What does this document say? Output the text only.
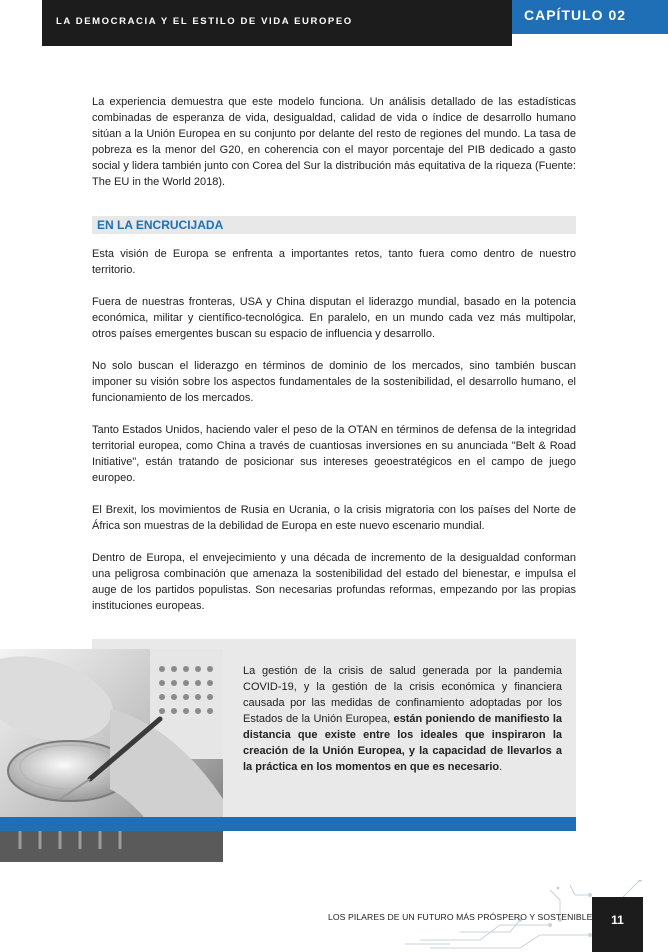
LA DEMOCRACIA Y EL ESTILO DE VIDA EUROPEO	CAPÍTULO 02

La experiencia demuestra que este modelo funciona. Un análisis detallado de las estadísticas combinadas de esperanza de vida, desigualdad, calidad de vida o índice de desarrollo humano sitúan a la Unión Europea en su conjunto por delante del resto de regiones del mundo. La tasa de pobreza es la menor del G20, en coherencia con el mayor porcentaje del PIB dedicado a gasto social y lidera también junto con Corea del Sur la distribución más equitativa de la riqueza (Fuente: The EU in the World 2018).

EN LA ENCRUCIJADA

Esta visión de Europa se enfrenta a importantes retos, tanto fuera como dentro de nuestro territorio.

Fuera de nuestras fronteras, USA y China disputan el liderazgo mundial, basado en la potencia económica, militar y científico-tecnológica. En paralelo, en un mundo cada vez más multipolar, otros países emergentes buscan su espacio de influencia y desarrollo.

No solo buscan el liderazgo en términos de dominio de los mercados, sino también buscan imponer su visión sobre los aspectos fundamentales de la sostenibilidad, el desarrollo humano, el funcionamiento de los mercados.

Tanto Estados Unidos, haciendo valer el peso de la OTAN en términos de defensa de la integridad territorial europea, como China a través de cuantiosas inversiones en su anunciada "Belt & Road Initiative", están tratando de posicionar sus intereses geoestratégicos en el campo de juego europeo.

El Brexit, los movimientos de Rusia en Ucrania, o la crisis migratoria con los países del Norte de África son muestras de la debilidad de Europa en este nuevo escenario mundial.

Dentro de Europa, el envejecimiento y una década de incremento de la desigualdad conforman una peligrosa combinación que amenaza la sostenibilidad del estado del bienestar, e impulsa el auge de los partidos populistas. Son necesarias profundas reformas, empezando por las propias instituciones europeas.

La gestión de la crisis de salud generada por la pandemia COVID-19, y la gestión de la crisis económica y financiera causada por las medidas de confinamiento adoptadas por los Estados de la Unión Europea, están poniendo de manifiesto la distancia que existe entre los ideales que inspiraron la creación de la Unión Europea, y la capacidad de llevarlos a la práctica en los momentos en que es necesario.
LOS PILARES DE UN FUTURO MÁS PRÓSPERO Y SOSTENIBLE	11
